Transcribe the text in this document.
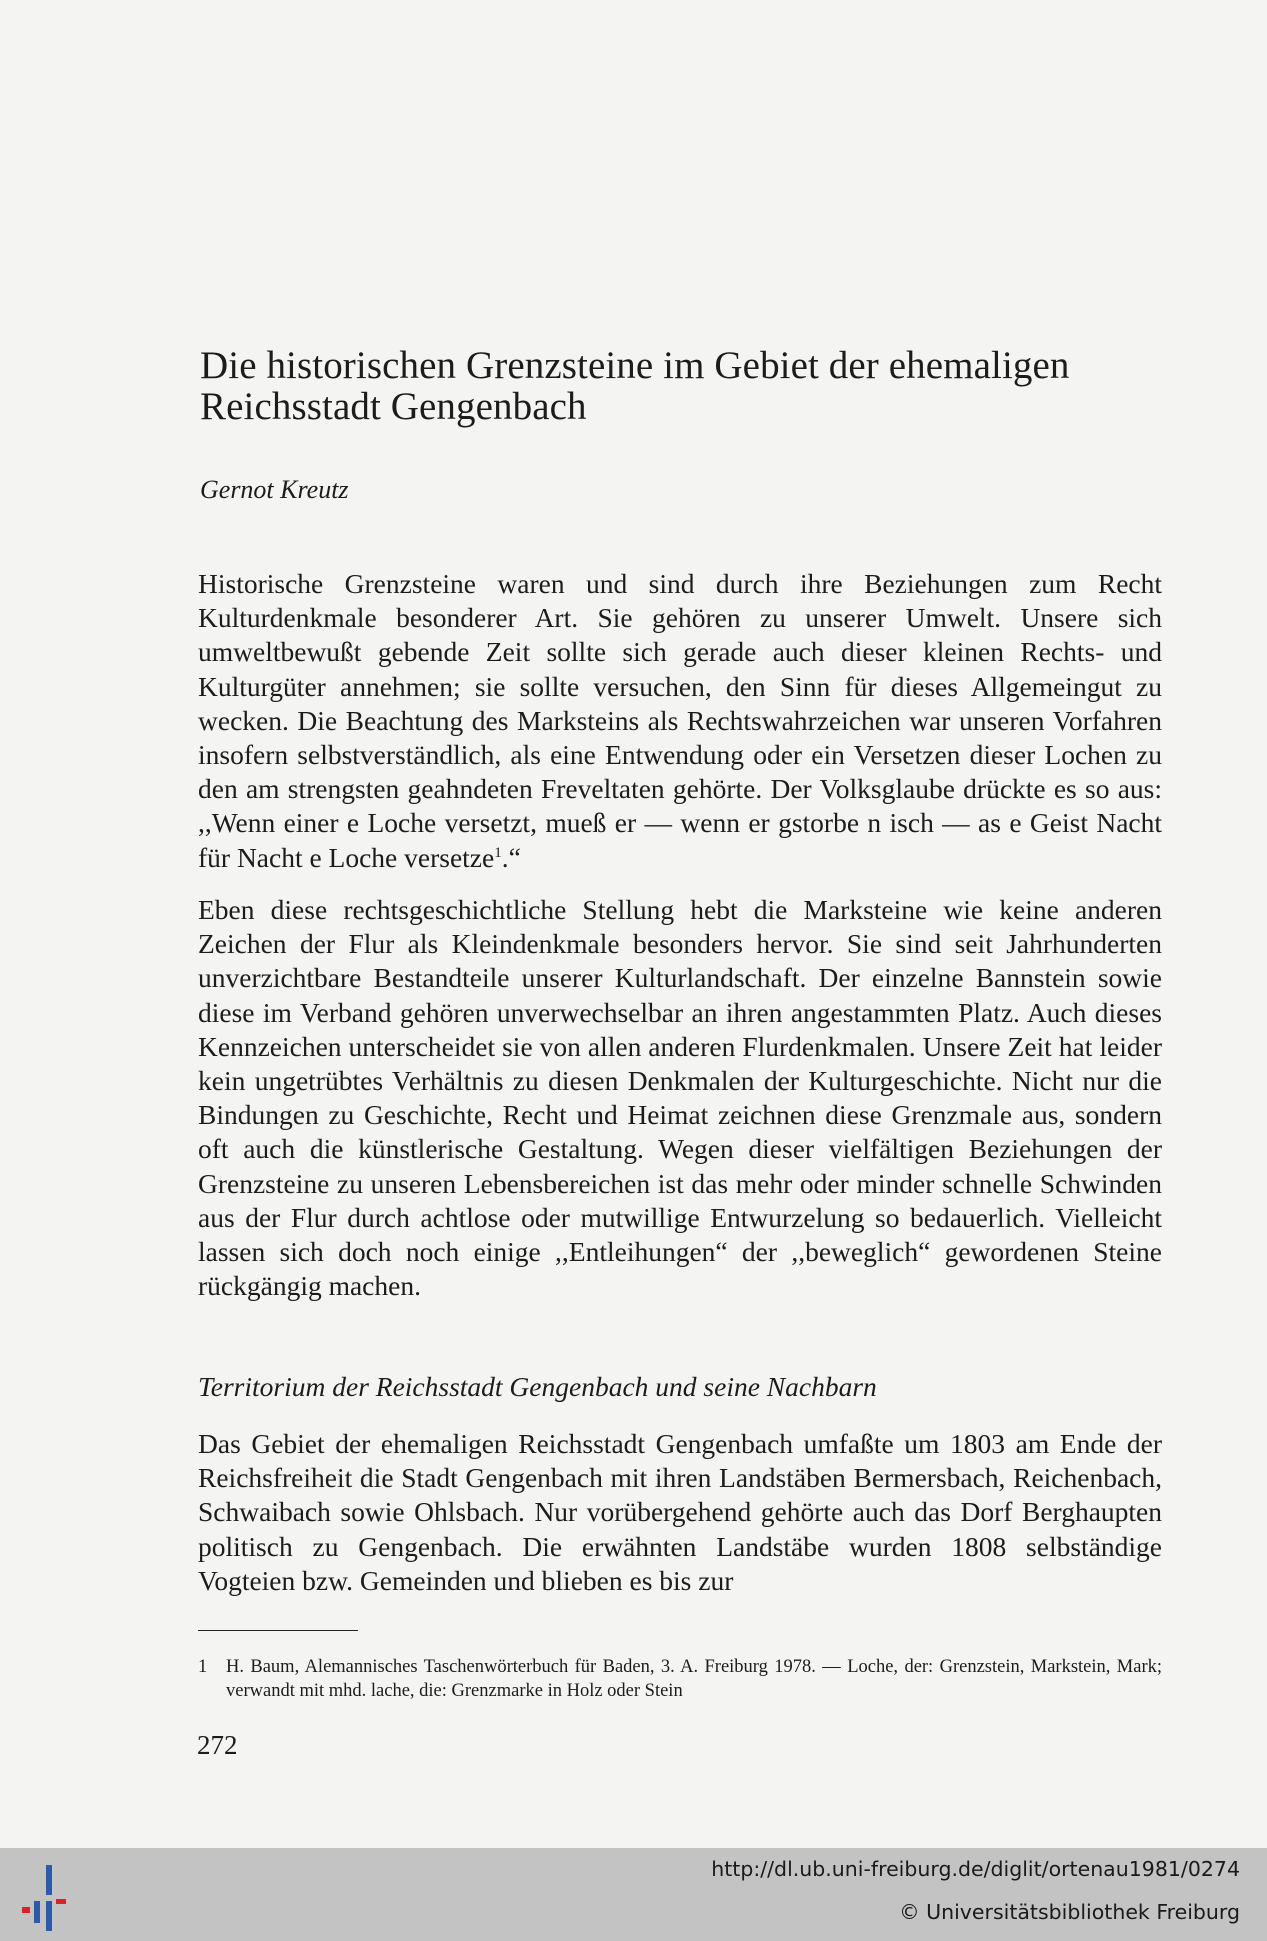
Die historischen Grenzsteine im Gebiet der ehemaligen
Reichsstadt Gengenbach

Gernot Kreutz

Historische Grenzsteine waren und sind durch ihre Beziehungen zum Recht Kulturdenkmale besonderer Art. Sie gehören zu unserer Umwelt. Unsere sich umweltbewußt gebende Zeit sollte sich gerade auch dieser kleinen Rechts- und Kulturgüter annehmen; sie sollte versuchen, den Sinn für dieses Allgemeingut zu wecken. Die Beachtung des Marksteins als Rechtswahrzeichen war unseren Vorfahren insofern selbstverständlich, als eine Entwendung oder ein Versetzen dieser Lochen zu den am strengsten geahndeten Freveltaten gehörte. Der Volksglaube drückte es so aus: ,,Wenn einer e Loche versetzt, mueß er — wenn er gstorbe n isch — as e Geist Nacht für Nacht e Loche versetze$^1$.“

Eben diese rechtsgeschichtliche Stellung hebt die Marksteine wie keine anderen Zeichen der Flur als Kleindenkmale besonders hervor. Sie sind seit Jahrhunderten unverzichtbare Bestandteile unserer Kulturlandschaft. Der einzelne Bannstein sowie diese im Verband gehören unverwechselbar an ihren angestammten Platz. Auch dieses Kennzeichen unterscheidet sie von allen anderen Flurdenkmalen. Unsere Zeit hat leider kein ungetrübtes Verhältnis zu diesen Denkmalen der Kulturgeschichte. Nicht nur die Bindungen zu Geschichte, Recht und Heimat zeichnen diese Grenzmale aus, sondern oft auch die künstlerische Gestaltung. Wegen dieser vielfältigen Beziehungen der Grenzsteine zu unseren Lebensbereichen ist das mehr oder minder schnelle Schwinden aus der Flur durch achtlose oder mutwillige Entwurzelung so bedauerlich. Vielleicht lassen sich doch noch einige ,,Entleihungen“ der ,,beweglich“ gewordenen Steine rückgängig machen.

Territorium der Reichsstadt Gengenbach und seine Nachbarn

Das Gebiet der ehemaligen Reichsstadt Gengenbach umfaßte um 1803 am Ende der Reichsfreiheit die Stadt Gengenbach mit ihren Landstäben Bermersbach, Reichenbach, Schwaibach sowie Ohlsbach. Nur vorübergehend gehörte auch das Dorf Berghaupten politisch zu Gengenbach. Die erwähnten Landstäbe wurden 1808 selbständige Vogteien bzw. Gemeinden und blieben es bis zur

1 H. Baum, Alemannisches Taschenwörterbuch für Baden, 3. A. Freiburg 1978. — Loche, der: Grenzstein, Markstein, Mark; verwandt mit mhd. lache, die: Grenzmarke in Holz oder Stein

272

http://dl.ub.uni-freiburg.de/diglit/ortenau1981/0274

© Universitätsbibliothek Freiburg
